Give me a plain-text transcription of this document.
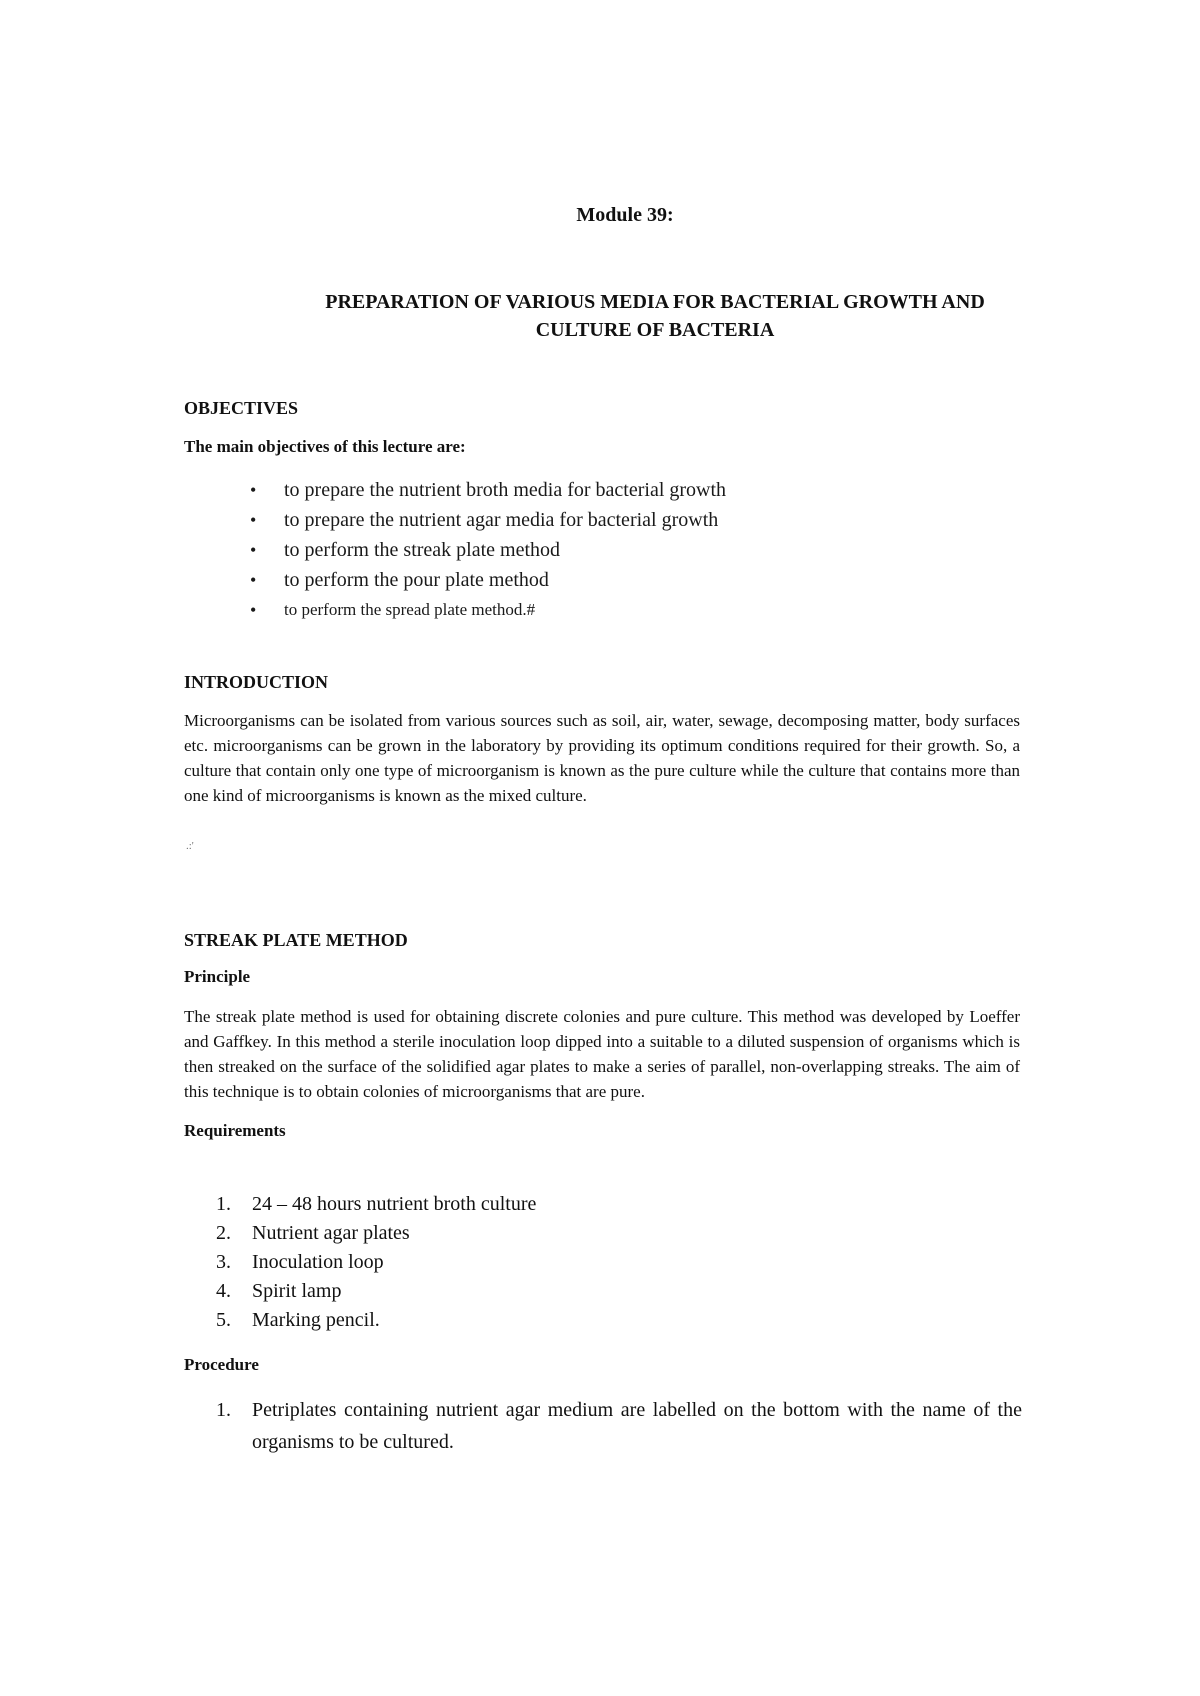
Module 39:
PREPARATION OF VARIOUS MEDIA FOR BACTERIAL GROWTH AND
CULTURE OF BACTERIA
OBJECTIVES

The main objectives of this lecture are:

• to prepare the nutrient broth media for bacterial growth
• to prepare the nutrient agar media for bacterial growth
• to perform the streak plate method
• to perform the pour plate method
• to perform the spread plate method.#
INTRODUCTION

Microorganisms can be isolated from various sources such as soil, air, water, sewage, decomposing matter, body surfaces etc. microorganisms can be grown in the laboratory by providing its optimum conditions required for their growth. So, a culture that contain only one type of microorganism is known as the pure culture while the culture that contains more than one kind of microorganisms is known as the mixed culture.

.:'
STREAK PLATE METHOD

Principle

The streak plate method is used for obtaining discrete colonies and pure culture. This method was developed by Loeffer and Gaffkey. In this method a sterile inoculation loop dipped into a suitable to a diluted suspension of organisms which is then streaked on the surface of the solidified agar plates to make a series of parallel, non-overlapping streaks. The aim of this technique is to obtain colonies of microorganisms that are pure.

Requirements

1. 24 – 48 hours nutrient broth culture
2. Nutrient agar plates
3. Inoculation loop
4. Spirit lamp
5. Marking pencil.

Procedure

1.	Petriplates containing nutrient agar medium are labelled on the bottom with the name of the organisms to be cultured.
